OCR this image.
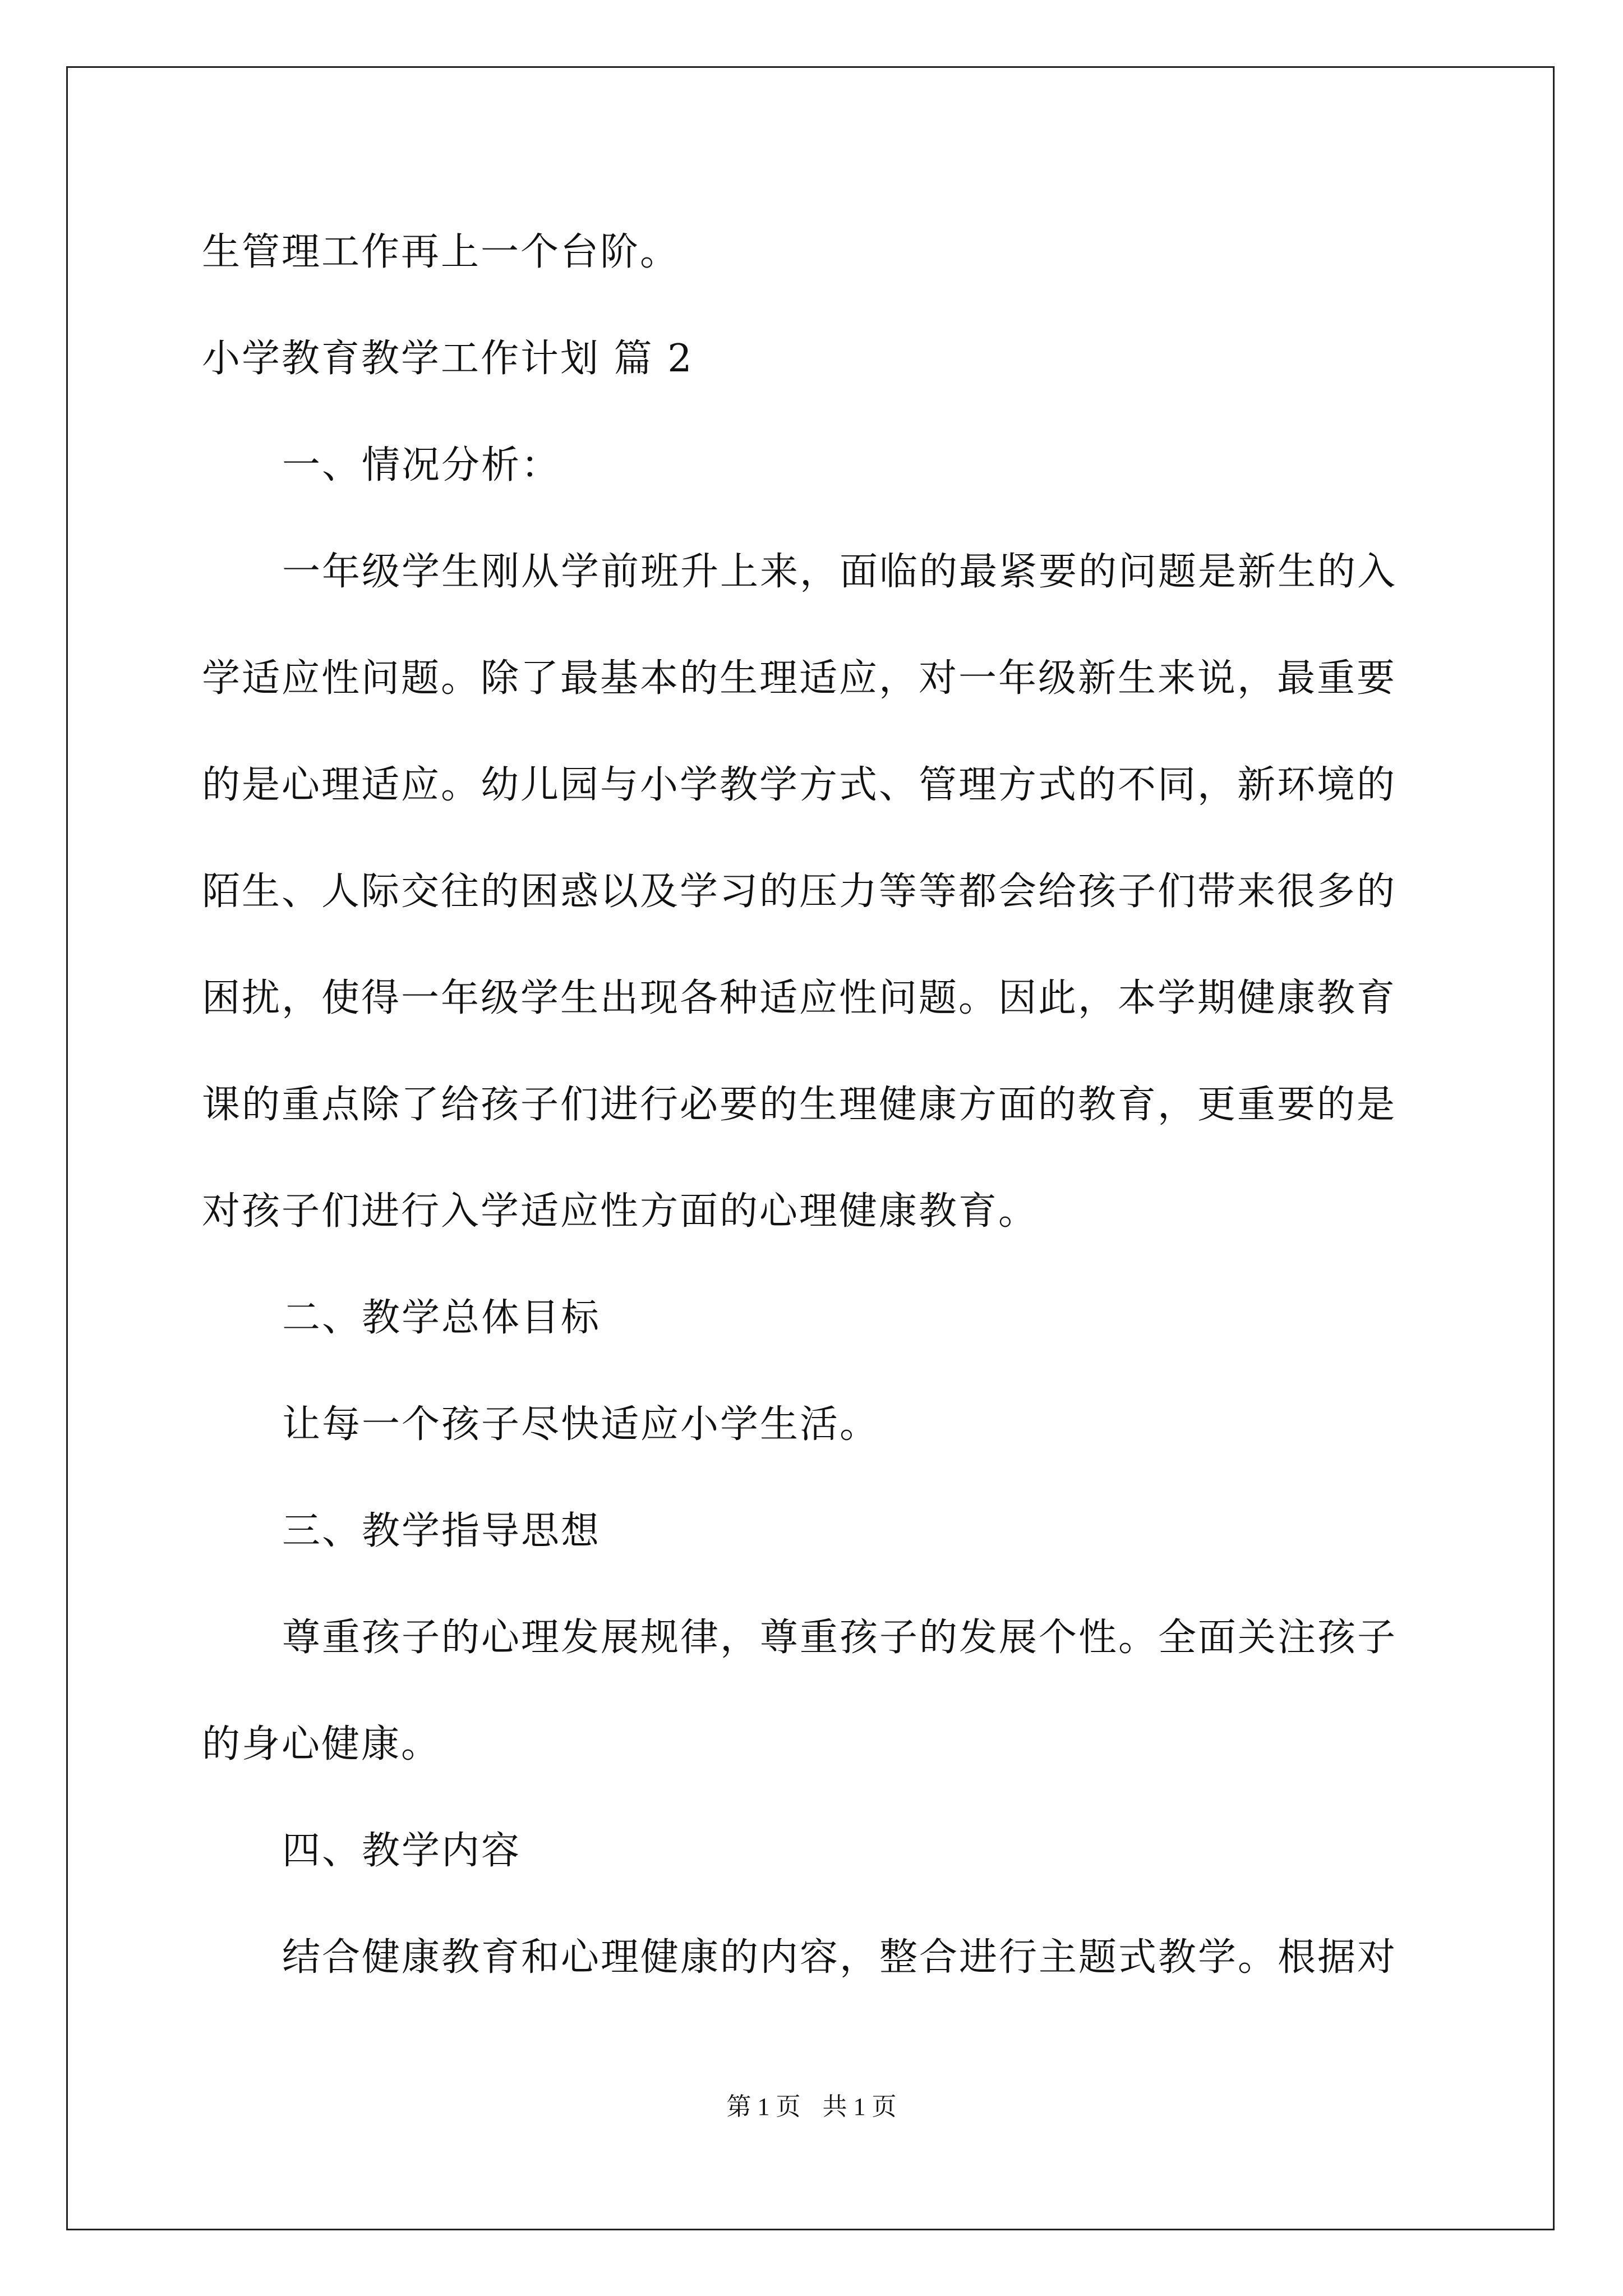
生管理工作再上一个台阶。
小学教育教学工作计划 篇 2
一、情况分析：
一年级学生刚从学前班升上来，面临的最紧要的问题是新生的入
学适应性问题。除了最基本的生理适应，对一年级新生来说，最重要
的是心理适应。幼儿园与小学教学方式、管理方式的不同，新环境的
陌生、人际交往的困惑以及学习的压力等等都会给孩子们带来很多的
困扰，使得一年级学生出现各种适应性问题。因此，本学期健康教育
课的重点除了给孩子们进行必要的生理健康方面的教育，更重要的是
对孩子们进行入学适应性方面的心理健康教育。
二、教学总体目标
让每一个孩子尽快适应小学生活。
三、教学指导思想
尊重孩子的心理发展规律，尊重孩子的发展个性。全面关注孩子
的身心健康。
四、教学内容
结合健康教育和心理健康的内容，整合进行主题式教学。根据对
第 1 页 共 1 页
